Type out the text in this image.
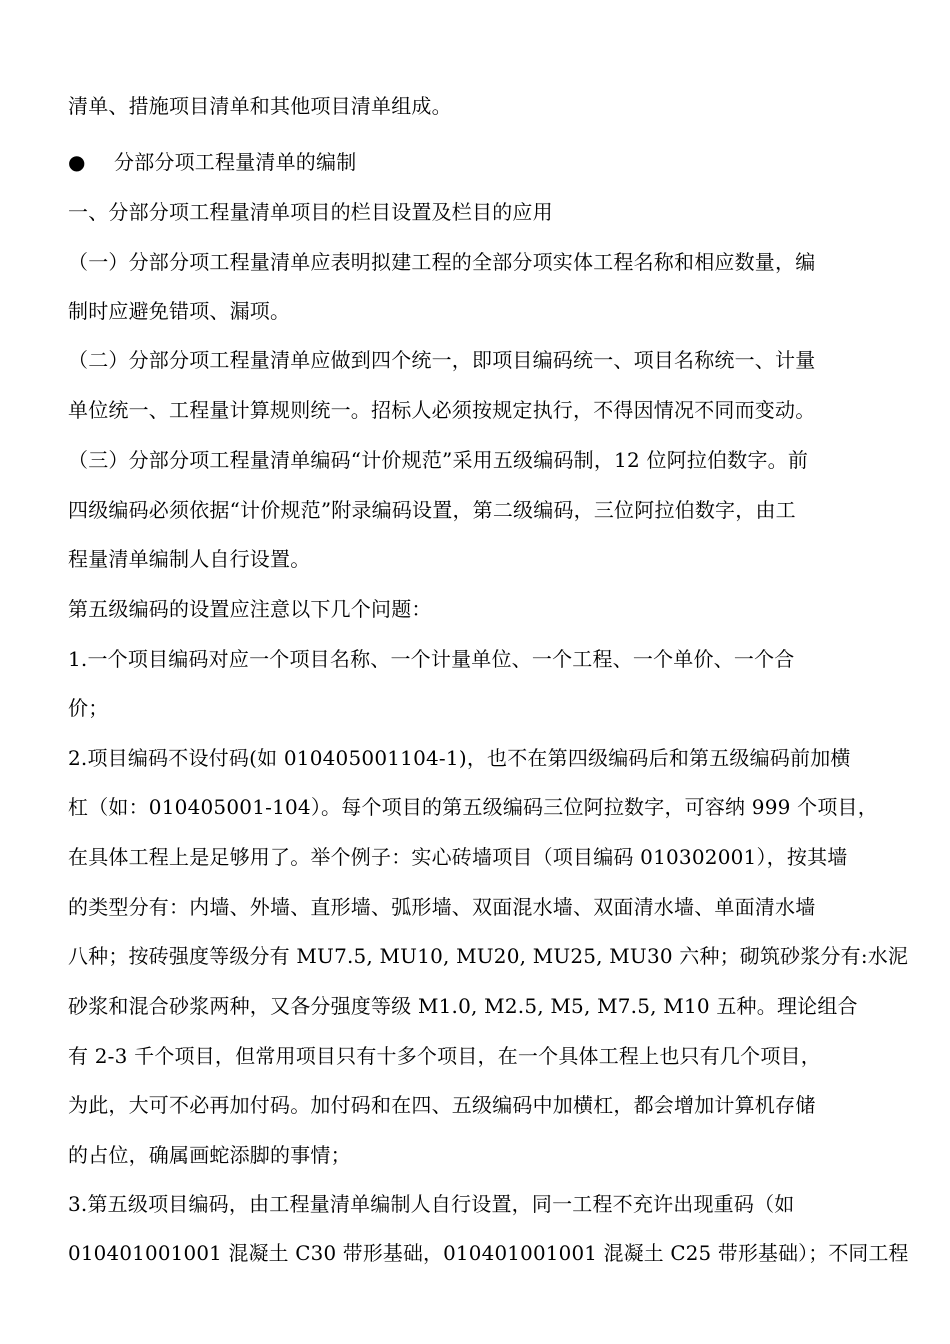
清单、措施项目清单和其他项目清单组成。
● 分部分项工程量清单的编制
一、分部分项工程量清单项目的栏目设置及栏目的应用
（一）分部分项工程量清单应表明拟建工程的全部分项实体工程名称和相应数量，编
制时应避免错项、漏项。
（二）分部分项工程量清单应做到四个统一，即项目编码统一、项目名称统一、计量
单位统一、工程量计算规则统一。招标人必须按规定执行，不得因情况不同而变动。
（三）分部分项工程量清单编码“计价规范”采用五级编码制，12 位阿拉伯数字。前
四级编码必须依据“计价规范”附录编码设置，第二级编码，三位阿拉伯数字，由工
程量清单编制人自行设置。
第五级编码的设置应注意以下几个问题：
1.一个项目编码对应一个项目名称、一个计量单位、一个工程、一个单价、一个合
价；
2.项目编码不设付码(如 010405001104-1)，也不在第四级编码后和第五级编码前加横
杠（如：010405001-104）。每个项目的第五级编码三位阿拉数字，可容纳 999 个项目，
在具体工程上是足够用了。举个例子：实心砖墙项目（项目编码 010302001），按其墙
的类型分有：内墙、外墙、直形墙、弧形墙、双面混水墙、双面清水墙、单面清水墙
八种；按砖强度等级分有 MU7.5, MU10, MU20, MU25, MU30 六种；砌筑砂浆分有:水泥
砂浆和混合砂浆两种，又各分强度等级 M1.0, M2.5, M5, M7.5, M10 五种。理论组合
有 2-3 千个项目，但常用项目只有十多个项目，在一个具体工程上也只有几个项目，
为此，大可不必再加付码。加付码和在四、五级编码中加横杠，都会增加计算机存储
的占位，确属画蛇添脚的事情；
3.第五级项目编码，由工程量清单编制人自行设置，同一工程不充许出现重码（如
010401001001 混凝土 C30 带形基础，010401001001 混凝土 C25 带形基础）；不同工程
